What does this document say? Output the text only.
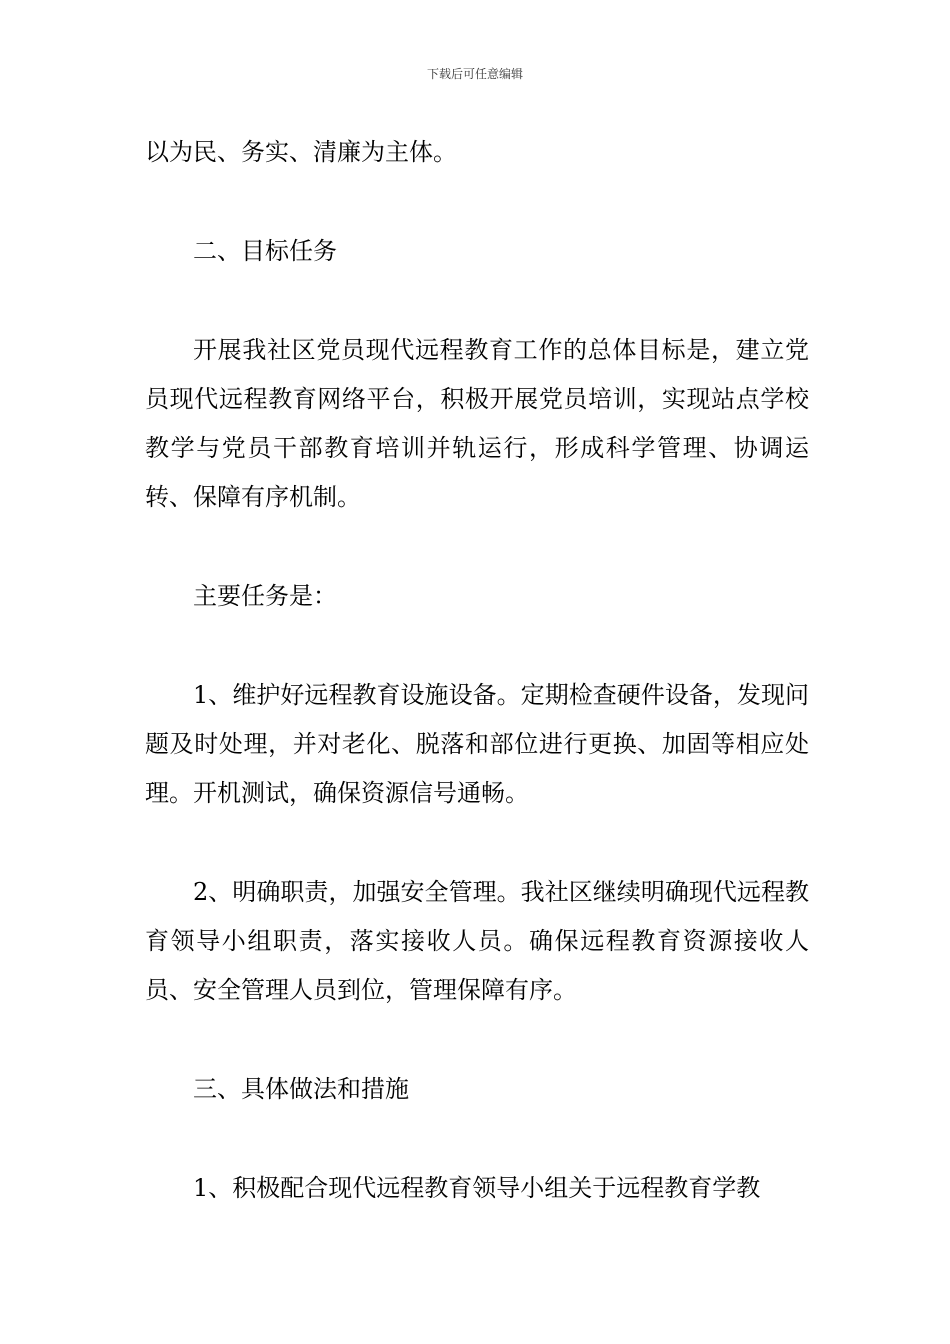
下载后可任意编辑

以为民、务实、清廉为主体。

二、目标任务

开展我社区党员现代远程教育工作的总体目标是，建立党员现代远程教育网络平台，积极开展党员培训，实现站点学校教学与党员干部教育培训并轨运行，形成科学管理、协调运转、保障有序机制。

主要任务是：

1、维护好远程教育设施设备。定期检查硬件设备，发现问题及时处理，并对老化、脱落和部位进行更换、加固等相应处理。开机测试，确保资源信号通畅。

2、明确职责，加强安全管理。我社区继续明确现代远程教育领导小组职责，落实接收人员。确保远程教育资源接收人员、安全管理人员到位，管理保障有序。

三、具体做法和措施

1、积极配合现代远程教育领导小组关于远程教育学教
